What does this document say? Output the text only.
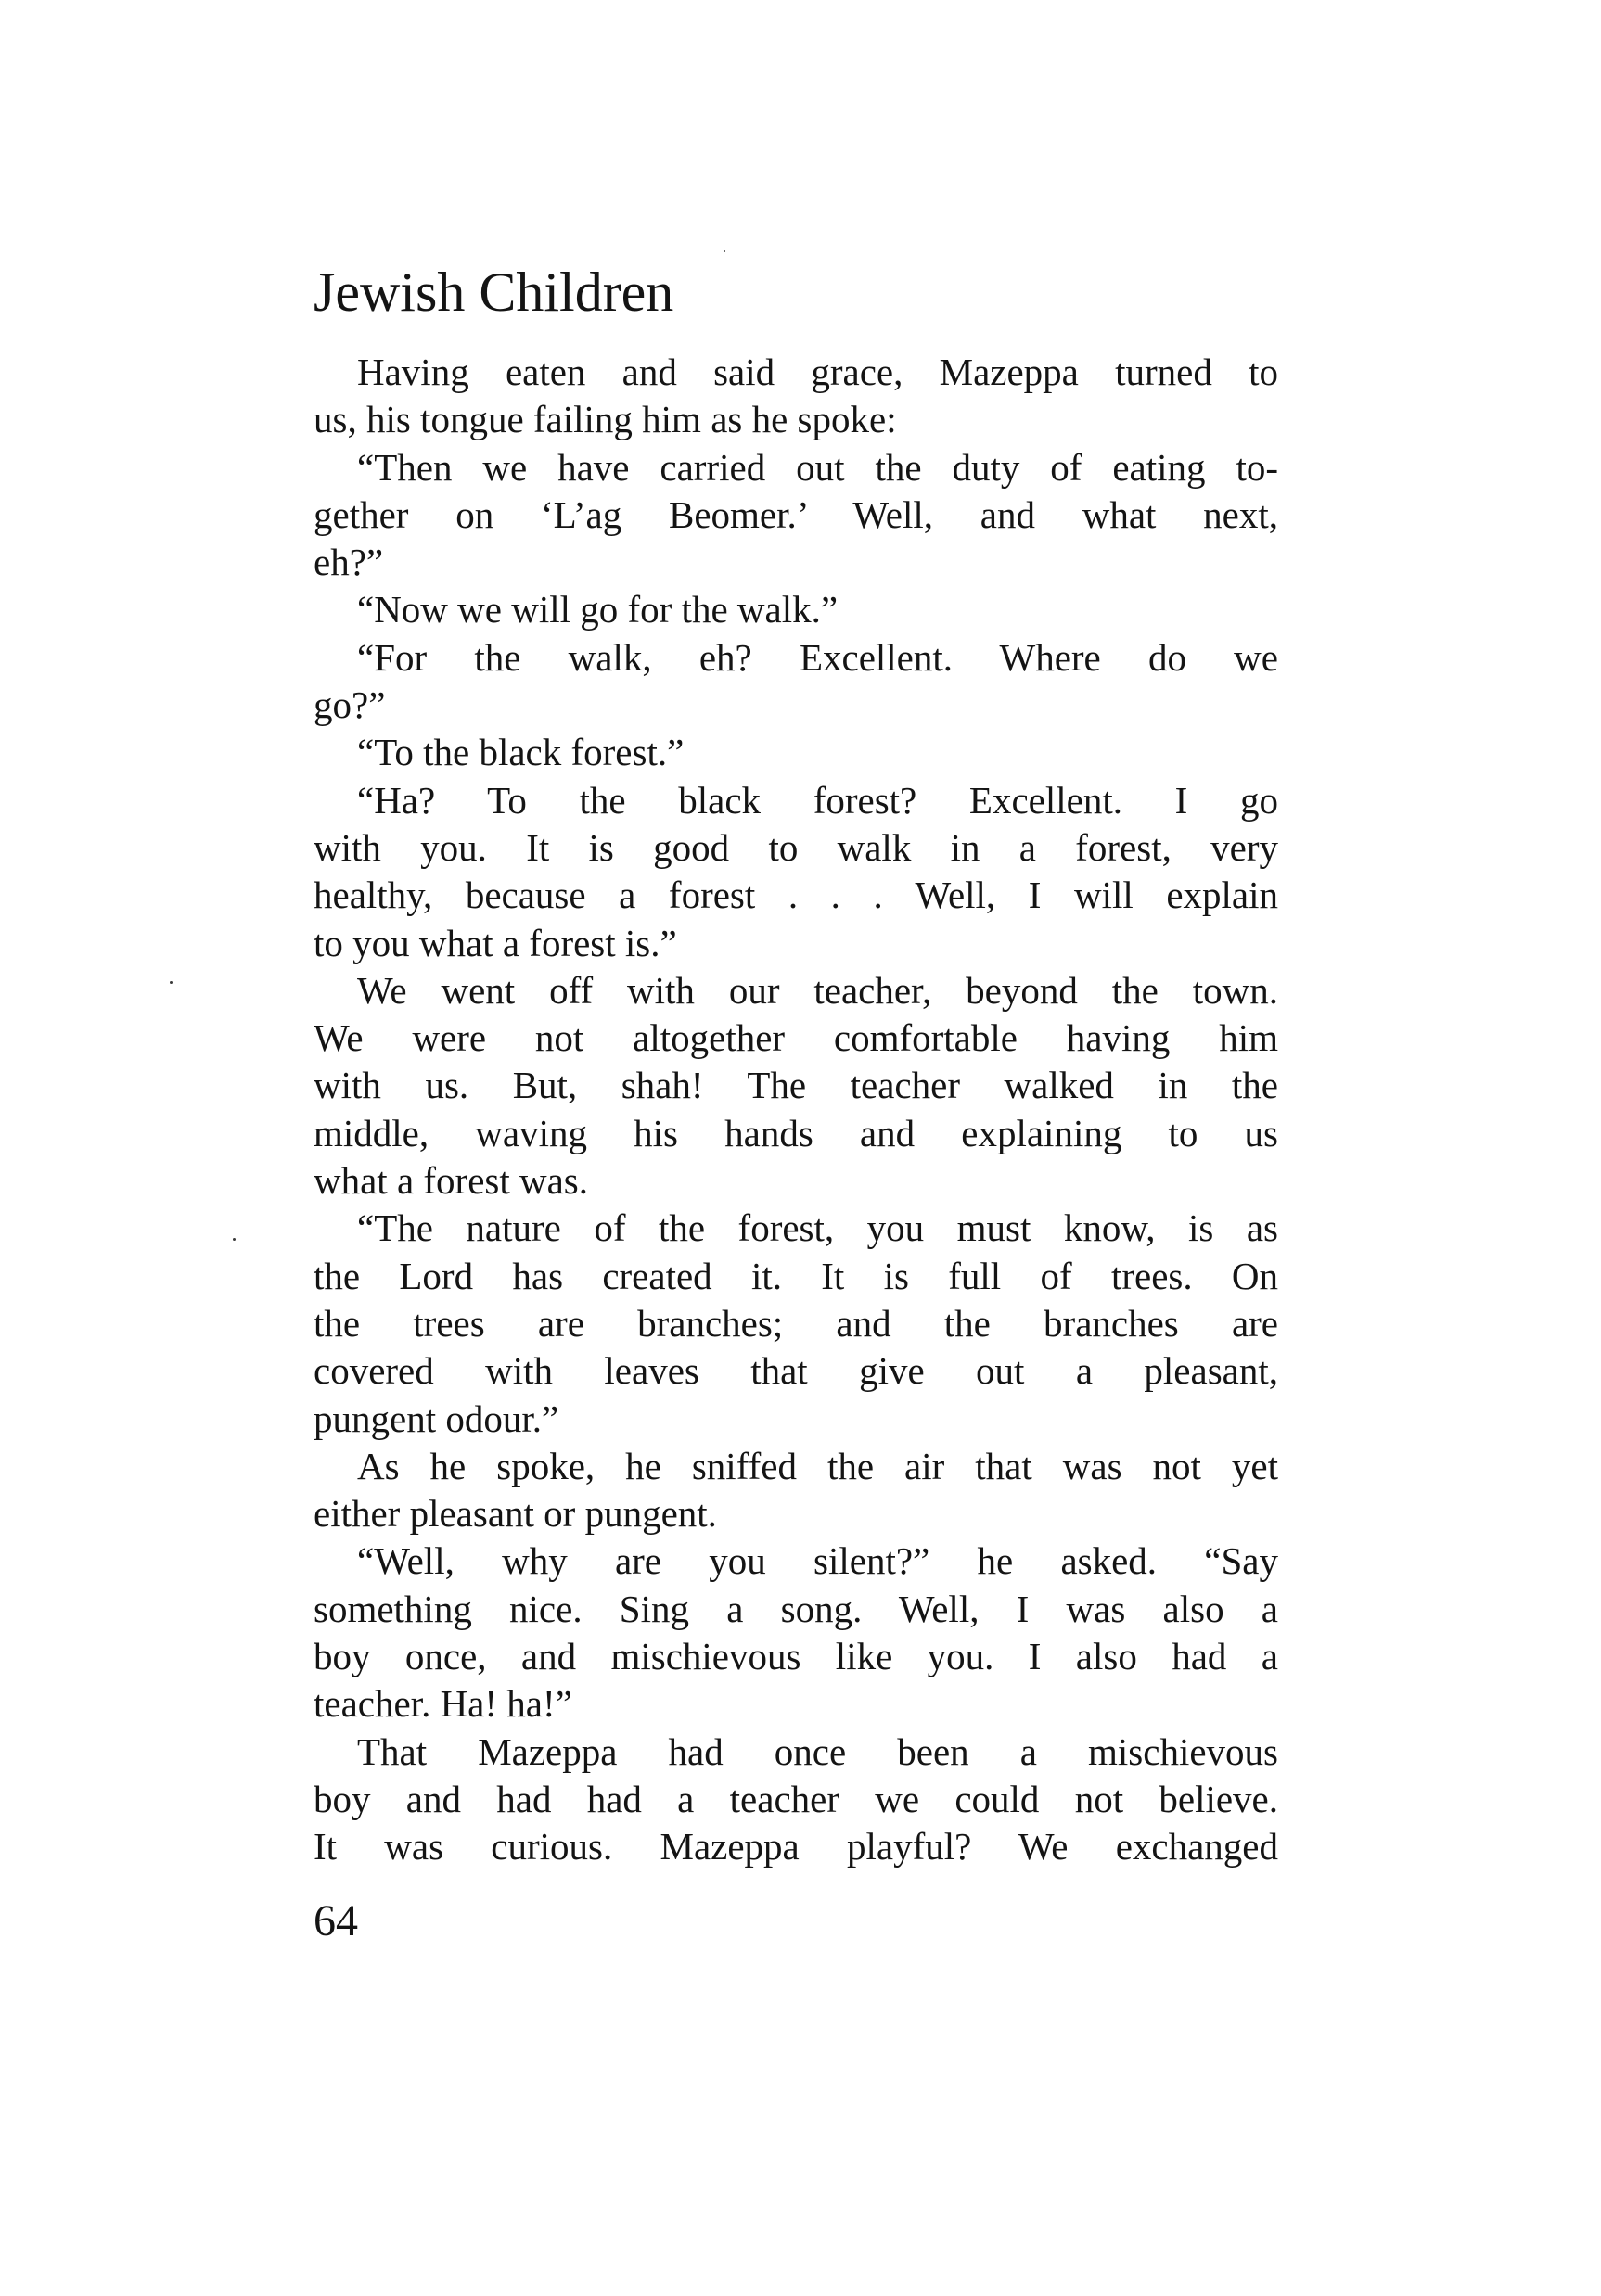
Jewish Children
Having eaten and said grace, Mazeppa turned to
us, his tongue failing him as he spoke:
“Then we have carried out the duty of eating to-
gether on ‘L’ag Beomer.’ Well, and what next,
eh?”
“Now we will go for the walk.”
“For the walk, eh? Excellent. Where do we
go?”
“To the black forest.”
“Ha? To the black forest? Excellent. I go
with you. It is good to walk in a forest, very
healthy, because a forest . . . Well, I will explain
to you what a forest is.”
We went off with our teacher, beyond the town.
We were not altogether comfortable having him
with us. But, shah! The teacher walked in the
middle, waving his hands and explaining to us
what a forest was.
“The nature of the forest, you must know, is as
the Lord has created it. It is full of trees. On
the trees are branches; and the branches are
covered with leaves that give out a pleasant,
pungent odour.”
As he spoke, he sniffed the air that was not yet
either pleasant or pungent.
“Well, why are you silent?” he asked. “Say
something nice. Sing a song. Well, I was also a
boy once, and mischievous like you. I also had a
teacher. Ha! ha!”
That Mazeppa had once been a mischievous
boy and had had a teacher we could not believe.
It was curious. Mazeppa playful? We exchanged
64
